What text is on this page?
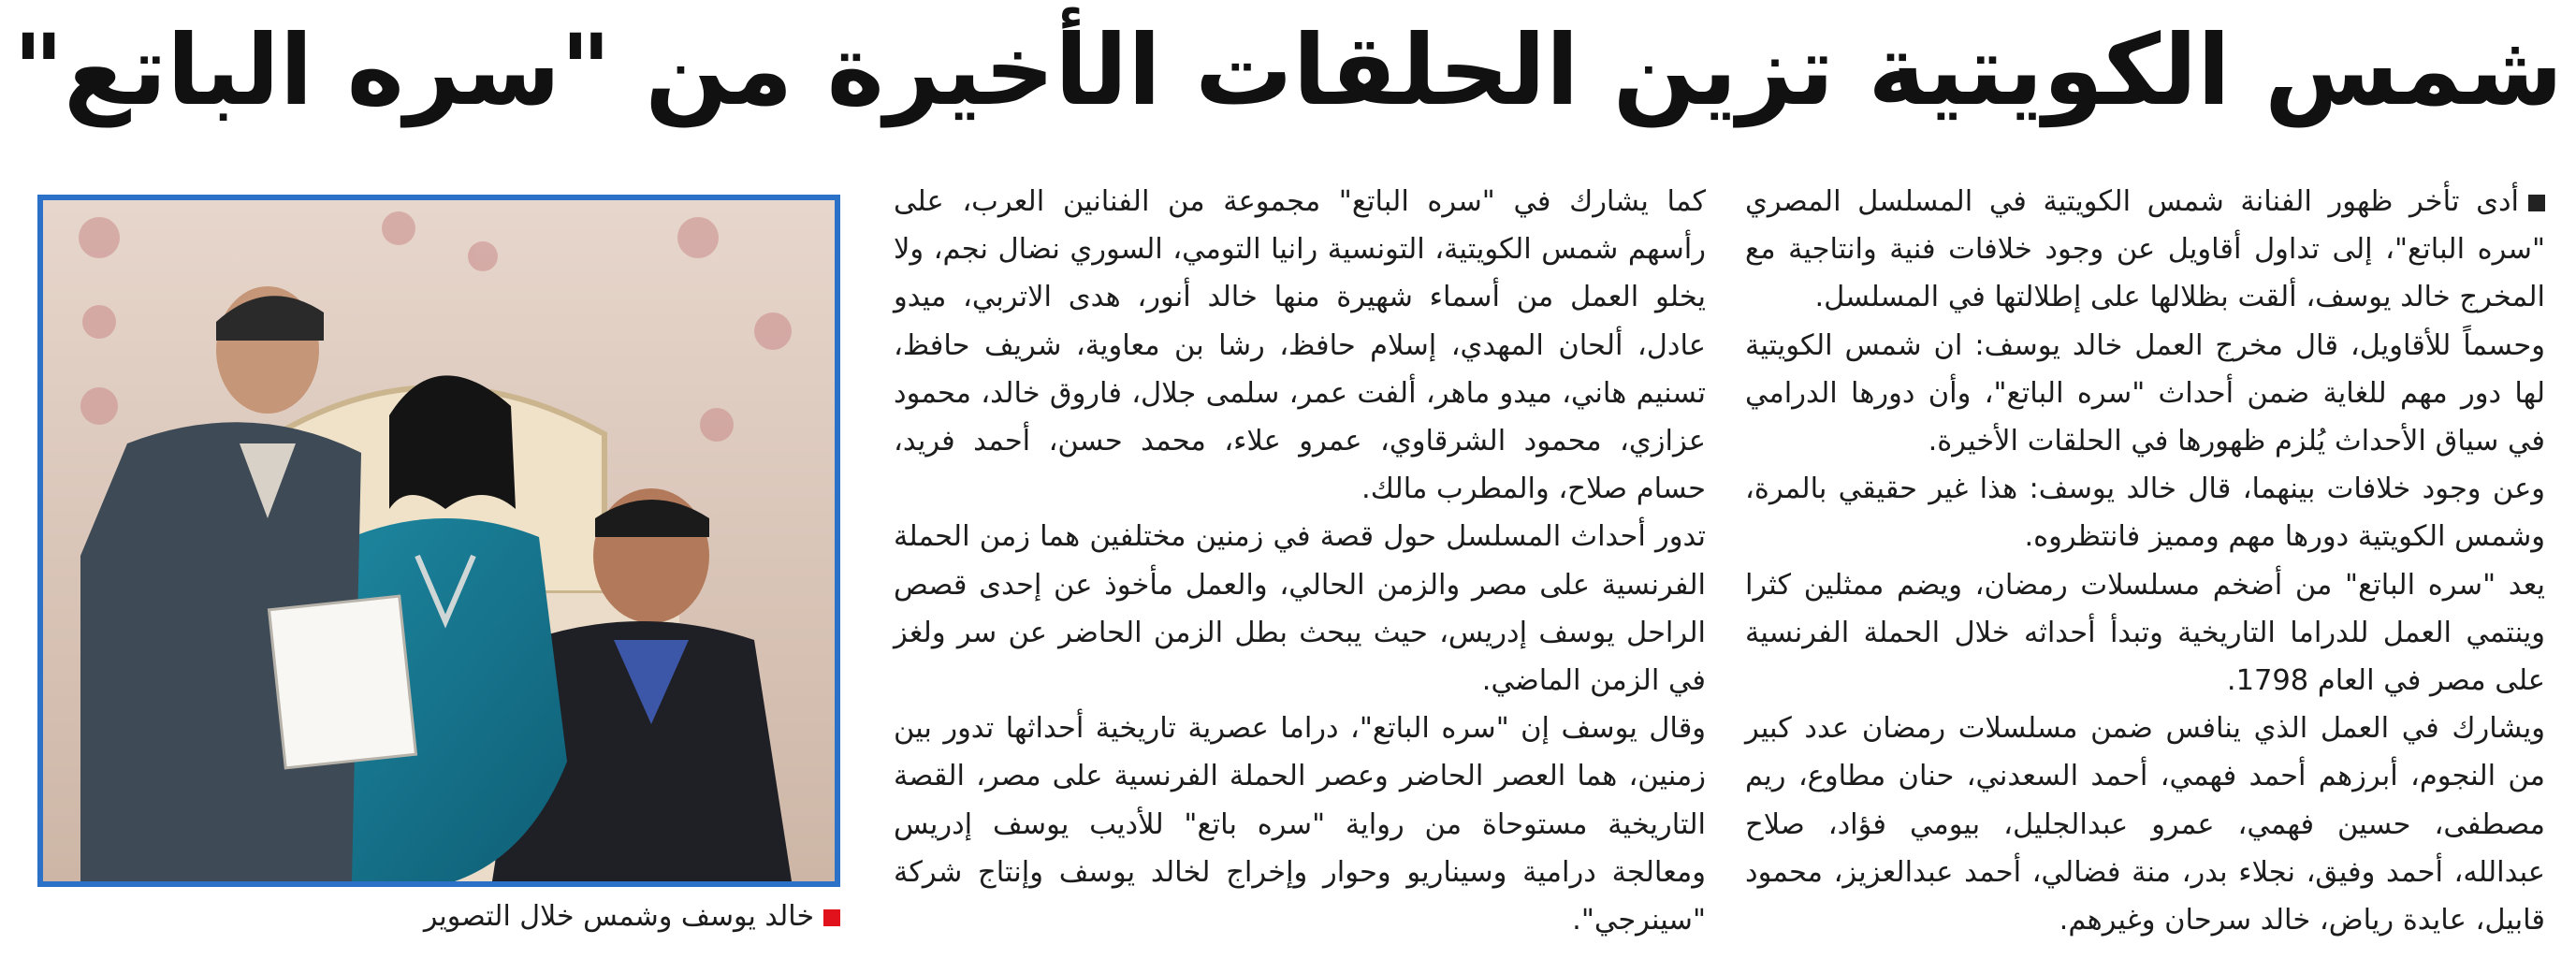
شمس الكويتية تزين الحلقات الأخيرة من "سره الباتع"

أدى تأخر ظهور الفنانة شمس الكويتية في المسلسل المصري "سره الباتع"، إلى تداول أقاويل عن وجود خلافات فنية وانتاجية مع المخرج خالد يوسف، ألقت بظلالها على إطلالتها في المسلسل.

وحسماً للأقاويل، قال مخرج العمل خالد يوسف: ان شمس الكويتية لها دور مهم للغاية ضمن أحداث "سره الباتع"، وأن دورها الدرامي في سياق الأحداث يُلزم ظهورها في الحلقات الأخيرة.

وعن وجود خلافات بينهما، قال خالد يوسف: هذا غير حقيقي بالمرة، وشمس الكويتية دورها مهم ومميز فانتظروه.

يعد "سره الباتع" من أضخم مسلسلات رمضان، ويضم ممثلين كثرا وينتمي العمل للدراما التاريخية وتبدأ أحداثه خلال الحملة الفرنسية على مصر في العام 1798.

ويشارك في العمل الذي ينافس ضمن مسلسلات رمضان عدد كبير من النجوم، أبرزهم أحمد فهمي، أحمد السعدني، حنان مطاوع، ريم مصطفى، حسين فهمي، عمرو عبدالجليل، بيومي فؤاد، صلاح عبدالله، أحمد وفيق، نجلاء بدر، منة فضالي، أحمد عبدالعزيز، محمود قابيل، عايدة رياض، خالد سرحان وغيرهم.

كما يشارك في "سره الباتع" مجموعة من الفنانين العرب، على رأسهم شمس الكويتية، التونسية رانيا التومي، السوري نضال نجم، ولا يخلو العمل من أسماء شهيرة منها خالد أنور، هدى الاتربي، ميدو عادل، ألحان المهدي، إسلام حافظ، رشا بن معاوية، شريف حافظ، تسنيم هاني، ميدو ماهر، ألفت عمر، سلمى جلال، فاروق خالد، محمود عزازي، محمود الشرقاوي، عمرو علاء، محمد حسن، أحمد فريد، حسام صلاح، والمطرب مالك.

تدور أحداث المسلسل حول قصة في زمنين مختلفين هما زمن الحملة الفرنسية على مصر والزمن الحالي، والعمل مأخوذ عن إحدى قصص الراحل يوسف إدريس، حيث يبحث بطل الزمن الحاضر عن سر ولغز في الزمن الماضي.

وقال يوسف إن "سره الباتع"، دراما عصرية تاريخية أحداثها تدور بين زمنين، هما العصر الحاضر وعصر الحملة الفرنسية على مصر، القصة التاريخية مستوحاة من رواية "سره باتع" للأديب يوسف إدريس ومعالجة درامية وسيناريو وحوار وإخراج لخالد يوسف وإنتاج شركة "سينرجي".

خالد يوسف وشمس خلال التصوير
